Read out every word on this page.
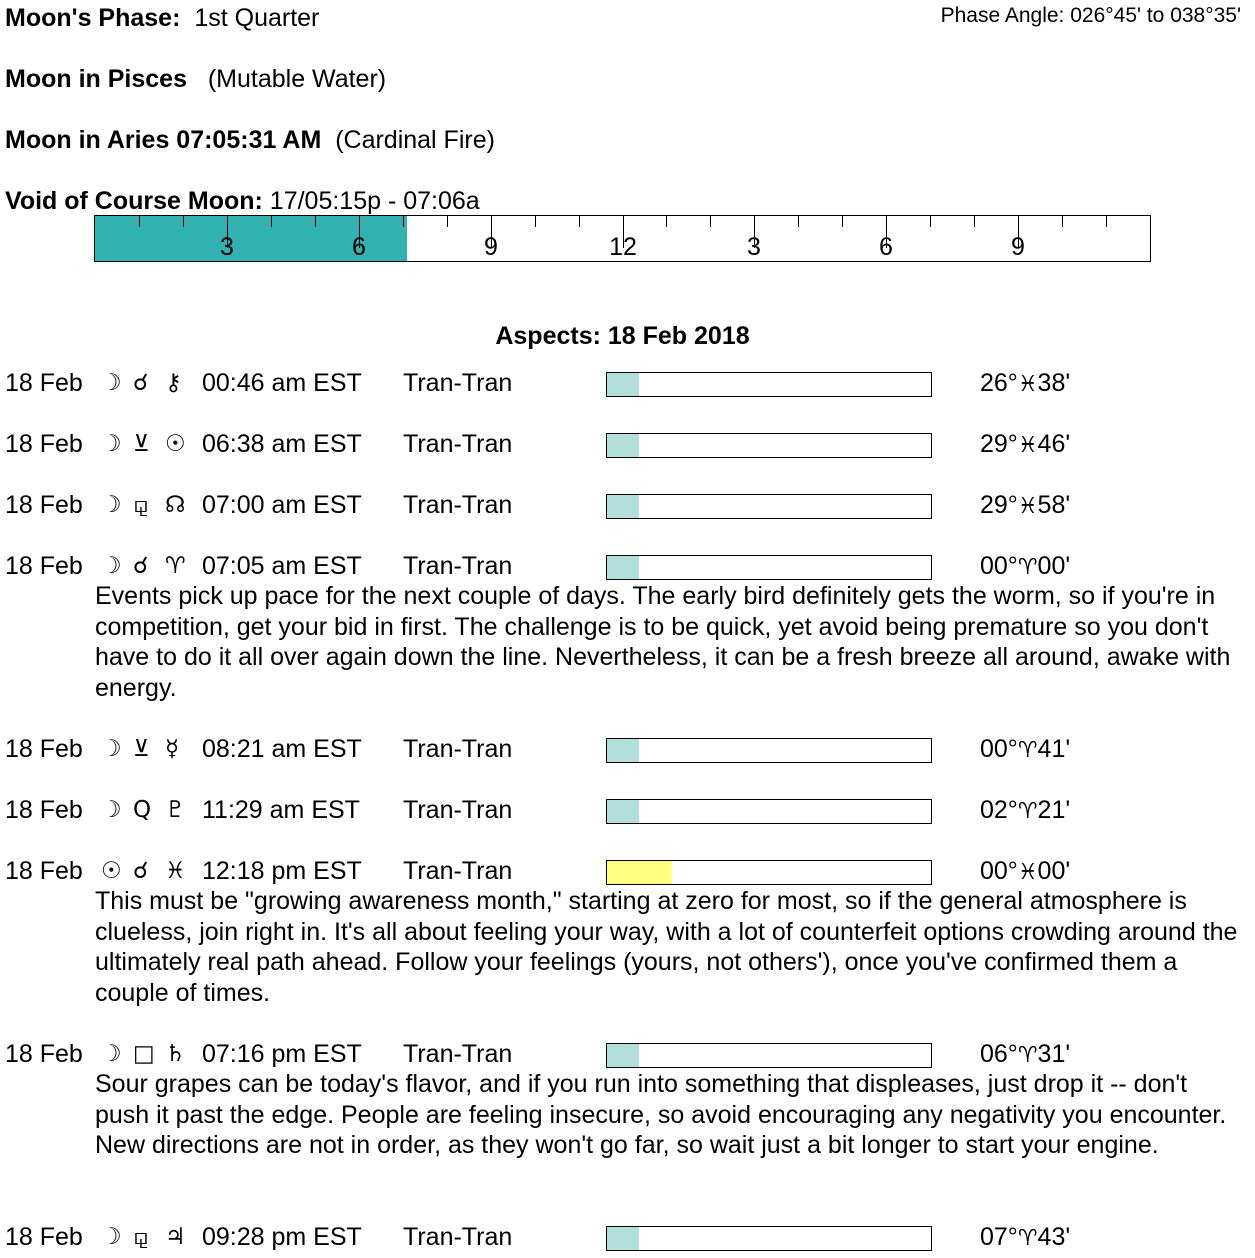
Moon's Phase: 1st Quarter	Phase Angle: 026°45' to 038°35'
Moon in Pisces (Mutable Water)
Moon in Aries 07:05:31 AM (Cardinal Fire)
Void of Course Moon: 17/05:15p - 07:06a
3	6	9	12	3	6	9
Aspects: 18 Feb 2018
18 Feb ☽ ☌ ⚷ 00:46 am EST Tran-Tran	26°♓38'
18 Feb ☽ ⊻ ☉ 06:38 am EST Tran-Tran	29°♓46'
18 Feb ☽ ⚼ ☊ 07:00 am EST Tran-Tran	29°♓58'
18 Feb ☽ ☌ ♈ 07:05 am EST Tran-Tran	00°♈00'
Events pick up pace for the next couple of days. The early bird definitely gets the worm, so if you're in competition, get your bid in first. The challenge is to be quick, yet avoid being premature so you don't have to do it all over again down the line. Nevertheless, it can be a fresh breeze all around, awake with energy.
18 Feb ☽ ⊻ ☿ 08:21 am EST Tran-Tran	00°♈41'
18 Feb ☽ Q ♇ 11:29 am EST Tran-Tran	02°♈21'
18 Feb ☉ ☌ ♓ 12:18 pm EST Tran-Tran	00°♓00'
This must be "growing awareness month," starting at zero for most, so if the general atmosphere is clueless, join right in. It's all about feeling your way, with a lot of counterfeit options crowding around the ultimately real path ahead. Follow your feelings (yours, not others'), once you've confirmed them a couple of times.
18 Feb ☽ □ ♄ 07:16 pm EST Tran-Tran	06°♈31'
Sour grapes can be today's flavor, and if you run into something that displeases, just drop it -- don't push it past the edge. People are feeling insecure, so avoid encouraging any negativity you encounter. New directions are not in order, as they won't go far, so wait just a bit longer to start your engine.
18 Feb ☽ ⚼ ♃ 09:28 pm EST Tran-Tran	07°♈43'
